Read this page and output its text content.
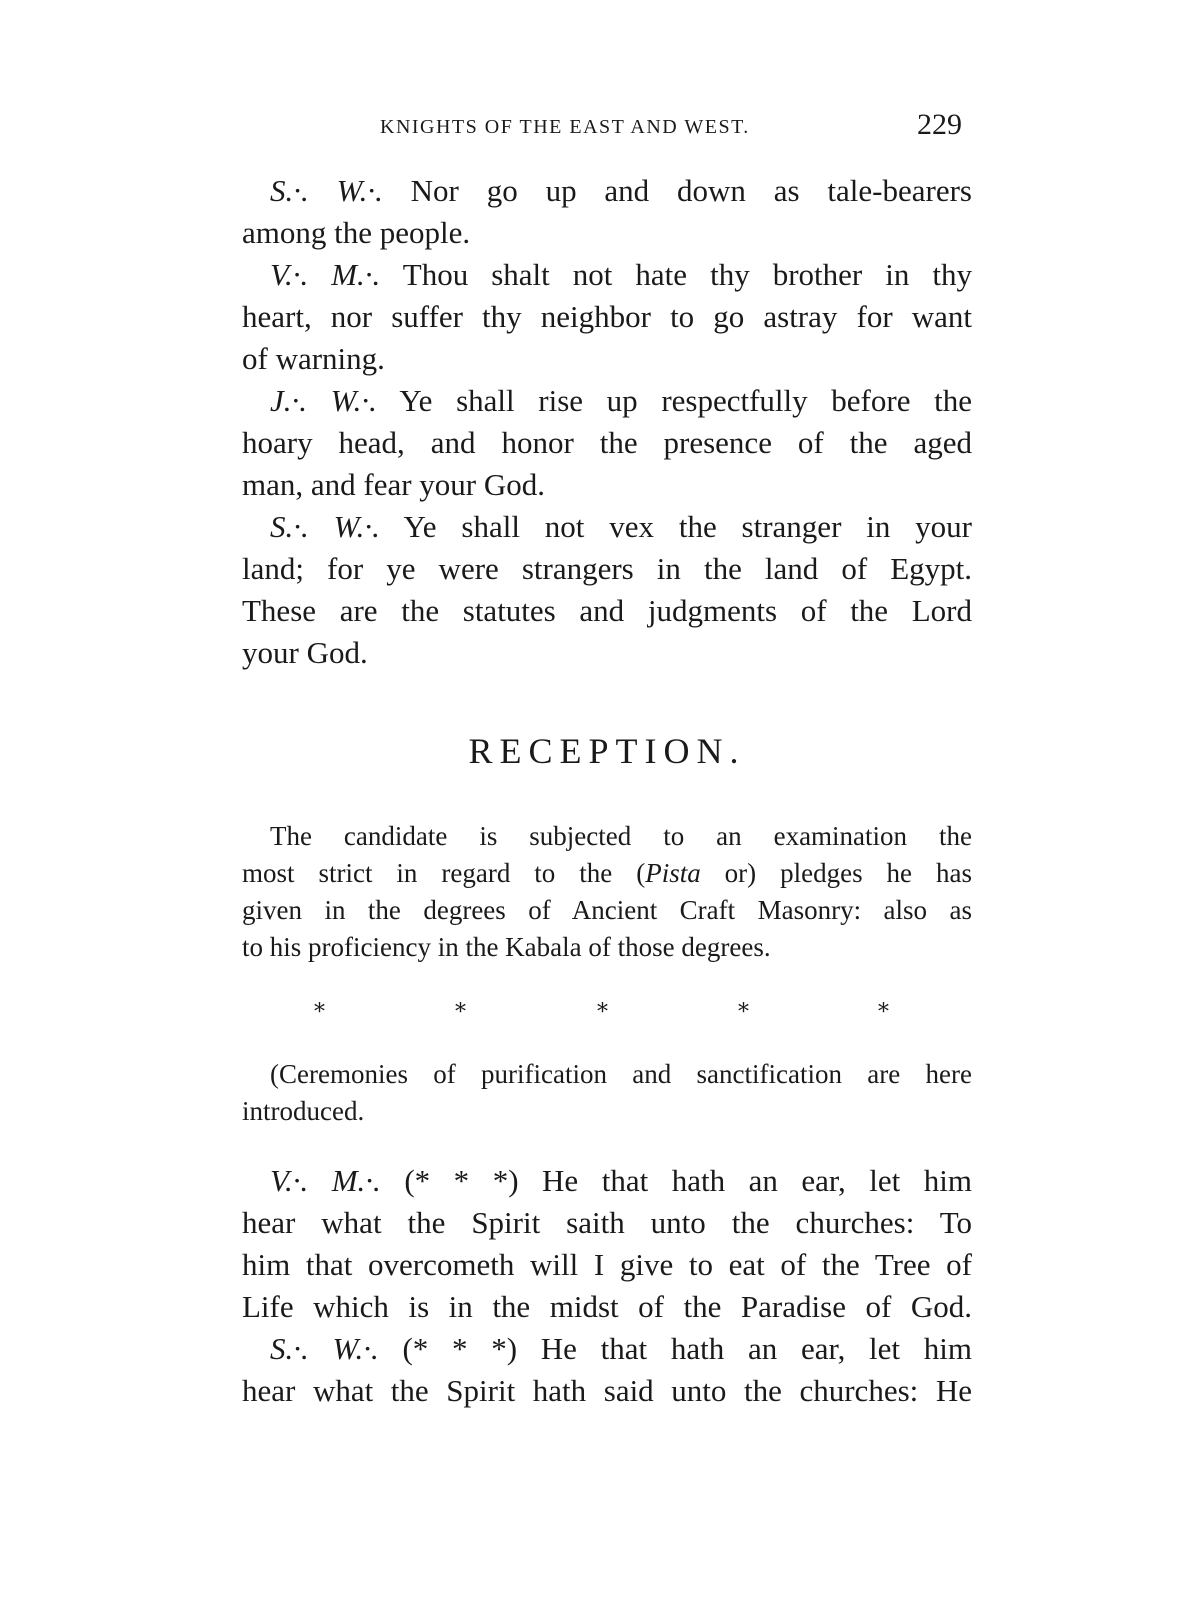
KNIGHTS OF THE EAST AND WEST.	229
S.·. W.·. Nor go up and down as tale-bearers
among the people.
V.·. M.·. Thou shalt not hate thy brother in thy
heart, nor suffer thy neighbor to go astray for want
of warning.
J.·. W.·. Ye shall rise up respectfully before the
hoary head, and honor the presence of the aged
man, and fear your God.
S.·. W.·. Ye shall not vex the stranger in your
land; for ye were strangers in the land of Egypt.
These are the statutes and judgments of the Lord
your God.
RECEPTION.
The candidate is subjected to an examination the
most strict in regard to the (Pista or) pledges he has
given in the degrees of Ancient Craft Masonry: also as
to his proficiency in the Kabala of those degrees.
*	*	*	*	*
(Ceremonies of purification and sanctification are here
introduced.
V.·. M.·. (* * *) He that hath an ear, let him
hear what the Spirit saith unto the churches: To
him that overcometh will I give to eat of the Tree of
Life which is in the midst of the Paradise of God.
S.·. W.·. (* * *) He that hath an ear, let him
hear what the Spirit hath said unto the churches: He
